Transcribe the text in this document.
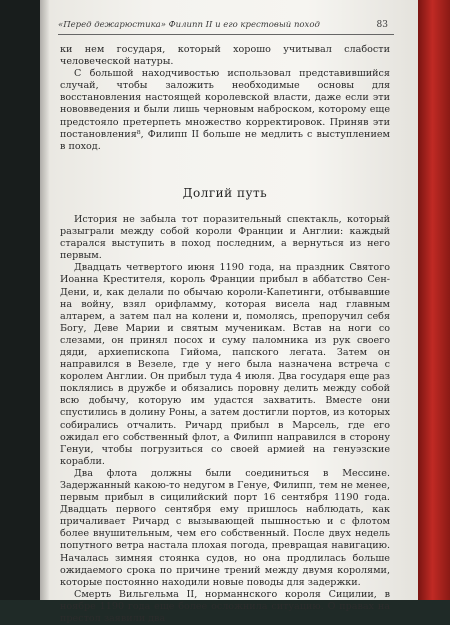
«Перед дежарюстика» Филипп II и его крестовый поход	83

ки нем государя, который хорошо учитывал слабости человеческой натуры.

С большой находчивостью использовал представившийся случай, чтобы заложить необходимые основы для восстановления настоящей королевской власти, даже если эти нововведения и были лишь черновым наброском, которому еще предстояло претерпеть множество корректировок. Приняв эти постановления⁸, Филипп II больше не медлить с выступлением в поход.

Долгий путь

История не забыла тот поразительный спектакль, который разыграли между собой короли Франции и Англии: каждый старался выступить в поход последним, а вернуться из него первым.

Двадцать четвертого июня 1190 года, на праздник Святого Иоанна Крестителя, король Франции прибыл в аббатство Сен-Дени, и, как делали по обычаю короли-Капетинги, отбывавшие на войну, взял орифламму, которая висела над главным алтарем, а затем пал на колени и, помолясь, препоручил себя Богу, Деве Марии и святым мученикам. Встав на ноги со слезами, он принял посох и суму паломника из рук своего дяди, архиепископа Гийома, папского легата. Затем он направился в Везеле, где у него была назначена встреча с королем Англии. Он прибыл туда 4 июля. Два государя еще раз поклялись в дружбе и обязались поровну делить между собой всю добычу, которую им удастся захватить. Вместе они спустились в долину Роны, а затем достигли портов, из которых собирались отчалить. Ричард прибыл в Марсель, где его ожидал его собственный флот, а Филипп направился в сторону Генуи, чтобы погрузиться со своей армией на генуэзские корабли.

Два флота должны были соединиться в Мессине. Задержанный какою-то недугом в Генуе, Филипп, тем не менее, первым прибыл в сицилийский порт 16 сентября 1190 года. Двадцать первого сентября ему пришлось наблюдать, как причаливает Ричард с вызывающей пышностью и с флотом более внушительным, чем его собственный. После двух недель попутного ветра настала плохая погода, превращая навигацию. Началась зимняя стоянка судов, но она продлилась больше ожидаемого срока по причине трений между двумя королями, которые постоянно находили новые поводы для задержки.

Смерть Вильгельма II, норманнского короля Сицилии, в ноябре 1190 года еще более осложнила ситуацию. О правах на престол заявили два
